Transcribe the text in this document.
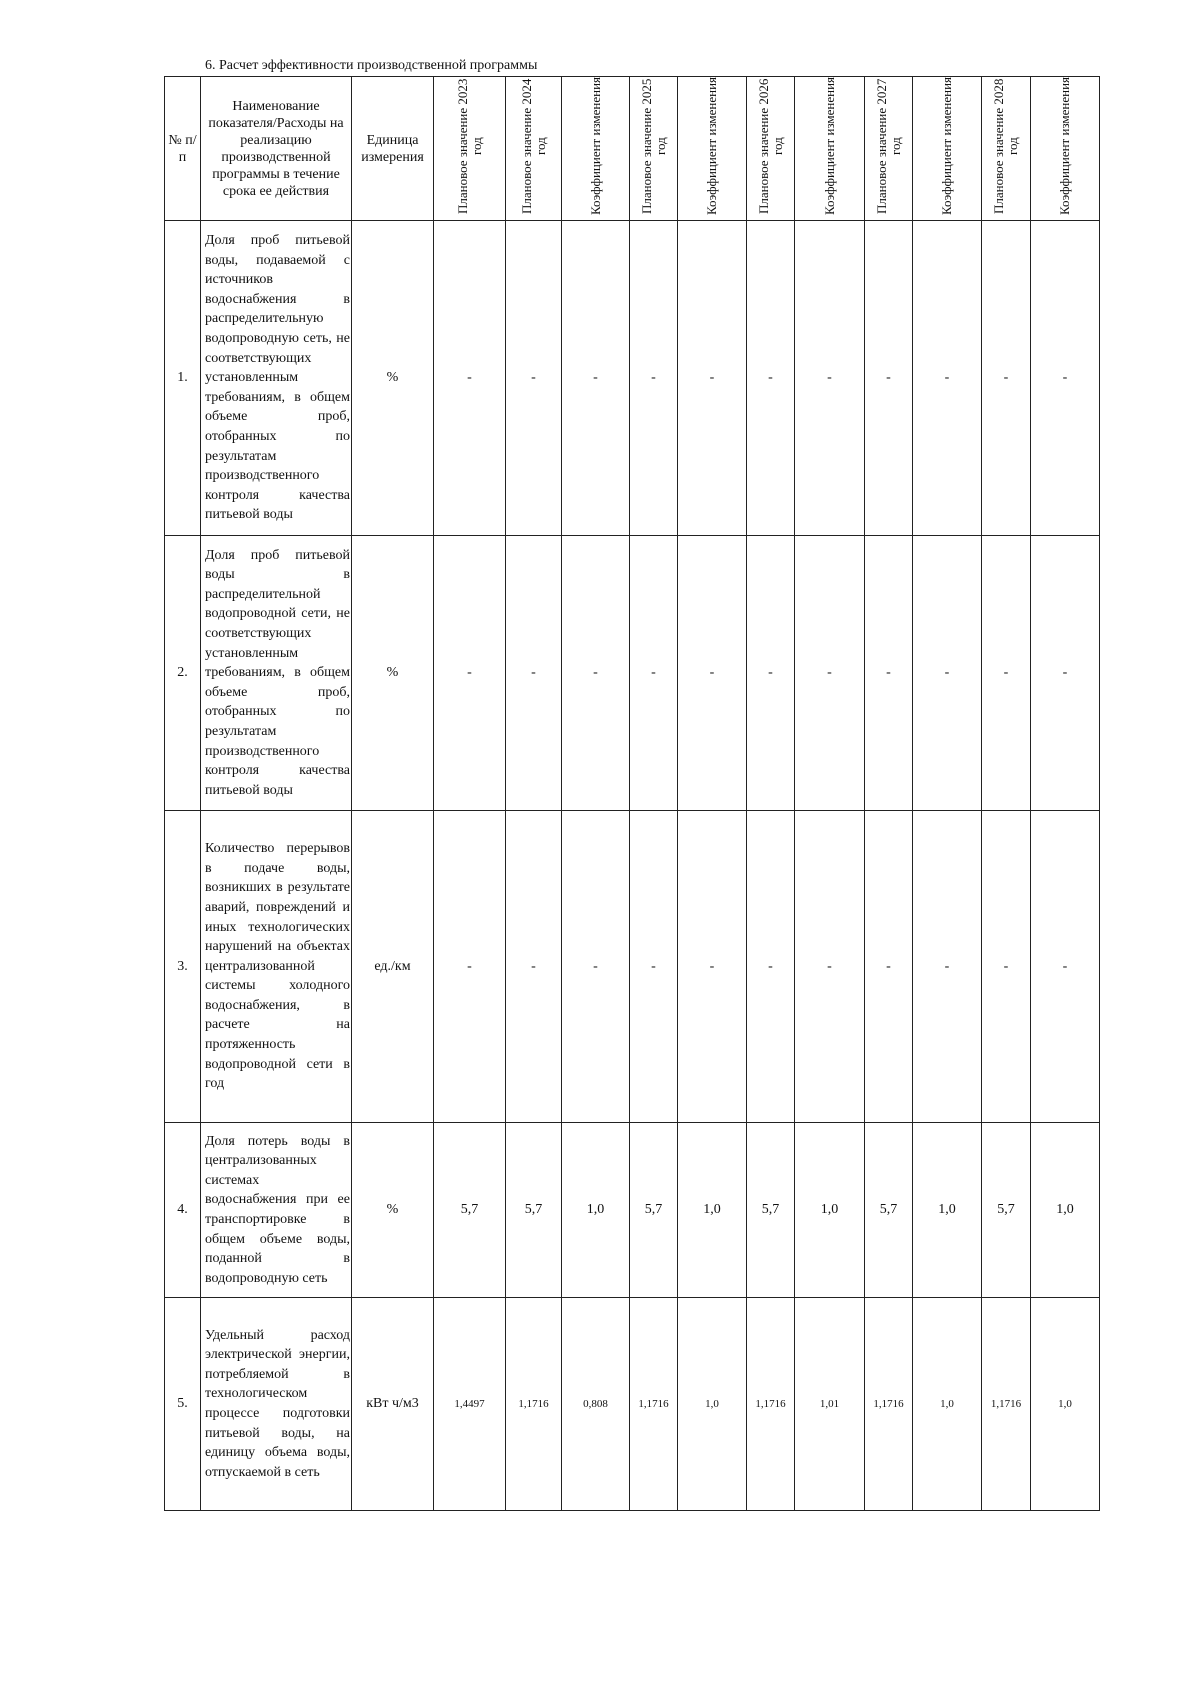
6. Расчет эффективности производственной программы
№ п/п	Наименование показателя/Расходы на реализацию производственной программы в течение срока ее действия	Единица измерения	Плановое значение 2023 год	Плановое значение 2024 год	Коэффициент изменения	Плановое значение 2025 год	Коэффициент изменения	Плановое значение 2026 год	Коэффициент изменения	Плановое значение 2027 год	Коэффициент изменения	Плановое значение 2028 год	Коэффициент изменения
1.	Доля проб питьевой воды, подаваемой с источников водоснабжения в распределительную водопроводную сеть, не соответствующих установленным требованиям, в общем объеме проб, отобранных по результатам производственного контроля качества питьевой воды	%	-	-	-	-	-	-	-	-	-	-	-
2.	Доля проб питьевой воды в распределительной водопроводной сети, не соответствующих установленным требованиям, в общем объеме проб, отобранных по результатам производственного контроля качества питьевой воды	%	-	-	-	-	-	-	-	-	-	-	-
3.	Количество перерывов в подаче воды, возникших в результате аварий, повреждений и иных технологических нарушений на объектах централизованной системы холодного водоснабжения, в расчете на протяженность водопроводной сети в год	ед./км	-	-	-	-	-	-	-	-	-	-	-
4.	Доля потерь воды в централизованных системах водоснабжения при ее транспортировке в общем объеме воды, поданной в водопроводную сеть	%	5,7	5,7	1,0	5,7	1,0	5,7	1,0	5,7	1,0	5,7	1,0
5.	Удельный расход электрической энергии, потребляемой в технологическом процессе подготовки питьевой воды, на единицу объема воды, отпускаемой в сеть	кВт ч/м3	1,4497	1,1716	0,808	1,1716	1,0	1,1716	1,01	1,1716	1,0	1,1716	1,0
